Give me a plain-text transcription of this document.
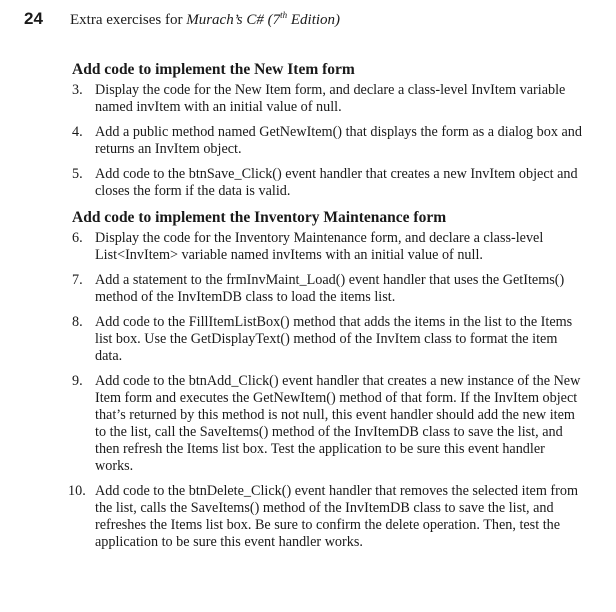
24	Extra exercises for Murach’s C# (7th Edition)
Add code to implement the New Item form
3. Display the code for the New Item form, and declare a class-level InvItem variable named invItem with an initial value of null.
4. Add a public method named GetNewItem() that displays the form as a dialog box and returns an InvItem object.
5. Add code to the btnSave_Click() event handler that creates a new InvItem object and closes the form if the data is valid.
Add code to implement the Inventory Maintenance form
6. Display the code for the Inventory Maintenance form, and declare a class-level List<InvItem> variable named invItems with an initial value of null.
7. Add a statement to the frmInvMaint_Load() event handler that uses the GetItems() method of the InvItemDB class to load the items list.
8. Add code to the FillItemListBox() method that adds the items in the list to the Items list box. Use the GetDisplayText() method of the InvItem class to format the item data.
9. Add code to the btnAdd_Click() event handler that creates a new instance of the New Item form and executes the GetNewItem() method of that form. If the InvItem object that’s returned by this method is not null, this event handler should add the new item to the list, call the SaveItems() method of the InvItemDB class to save the list, and then refresh the Items list box. Test the application to be sure this event handler works.
10. Add code to the btnDelete_Click() event handler that removes the selected item from the list, calls the SaveItems() method of the InvItemDB class to save the list, and refreshes the Items list box. Be sure to confirm the delete operation. Then, test the application to be sure this event handler works.
